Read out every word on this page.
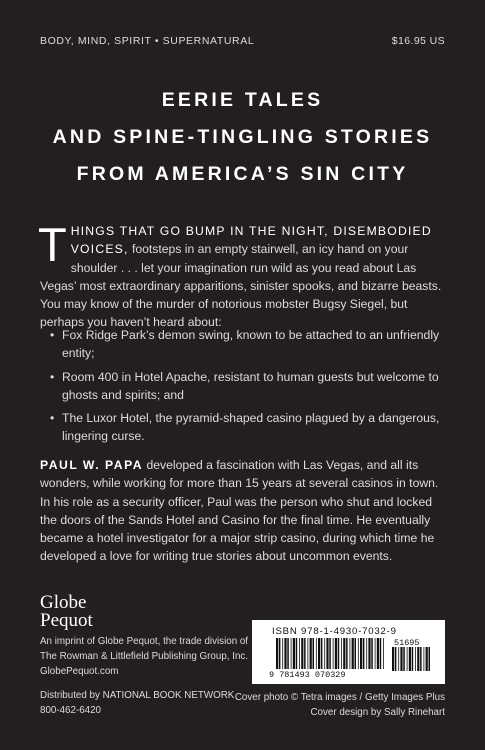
BODY, MIND, SPIRIT • SUPERNATURAL	$16.95 US
EERIE TALES
AND SPINE-TINGLING STORIES
FROM AMERICA’S SIN CITY
THINGS THAT GO BUMP IN THE NIGHT, DISEMBODIED VOICES, footsteps in an empty stairwell, an icy hand on your shoulder . . . let your imagination run wild as you read about Las Vegas’ most extraordinary apparitions, sinister spooks, and bizarre beasts. You may know of the murder of notorious mobster Bugsy Siegel, but perhaps you haven’t heard about:
• Fox Ridge Park’s demon swing, known to be attached to an unfriendly entity;
• Room 400 in Hotel Apache, resistant to human guests but welcome to ghosts and spirits; and
• The Luxor Hotel, the pyramid-shaped casino plagued by a dangerous, lingering curse.
PAUL W. PAPA developed a fascination with Las Vegas, and all its wonders, while working for more than 15 years at several casinos in town. In his role as a security officer, Paul was the person who shut and locked the doors of the Sands Hotel and Casino for the final time. He eventually became a hotel investigator for a major strip casino, during which time he developed a love for writing true stories about uncommon events.
Globe
Pequot
An imprint of Globe Pequot, the trade division of
The Rowman & Littlefield Publishing Group, Inc.
GlobePequot.com
Distributed by NATIONAL BOOK NETWORK
800-462-6420
ISBN 978-1-4930-7032-9
9 781493 070329
51695
Cover photo © Tetra images / Getty Images Plus
Cover design by Sally Rinehart
